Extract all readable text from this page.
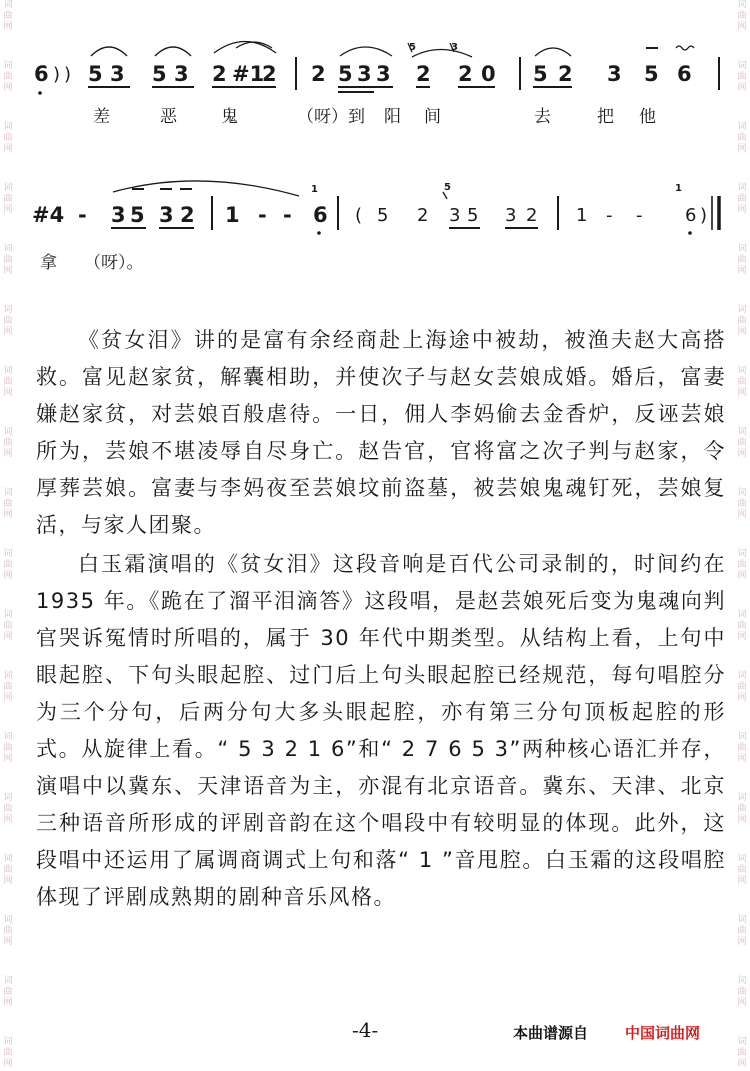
词
曲
网
词
曲
网
词
曲
网
词
曲
网
词
曲
网
词
曲
网
词
曲
网
词
曲
网
词
曲
网
词
曲
网
词
曲
网
词
曲
网
词
曲
网
词
曲
网
词
曲
网
词
曲
网
词
曲
网
词
曲
网
词
曲
网
词
曲
网
词
曲
网
词
曲
网
词
曲
网
词
曲
网
词
曲
网
词
曲
网
词
曲
网
词
曲
网
词
曲
网
词
曲
网
词
曲
网
词
曲
网
词
曲
网
词
曲
网
词
曲
网
词
曲
网
6 ) ) 5 3 5 3 2 #1
2 2 5 3 3 2 2 0
5	3
5 2 3 5 6
差	恶	鬼	（呀）到 阳 间	去	把 他
#4 - 3 5 3 2 1 - - 6
1
( 5 2 3 5 3 2
5
1 - - 6 )
1
拿 （呀）。

《贫女泪》讲的是富有余经商赴上海途中被劫，被渔夫赵大高搭救。富见赵家贫，解囊相助，并使次子与赵女芸娘成婚。婚后，富妻嫌赵家贫，对芸娘百般虐待。一日，佣人李妈偷去金香炉，反诬芸娘所为，芸娘不堪凌辱自尽身亡。赵告官，官将富之次子判与赵家，令厚葬芸娘。富妻与李妈夜至芸娘坟前盗墓，被芸娘鬼魂钉死，芸娘复活，与家人团聚。

白玉霜演唱的《贫女泪》这段音响是百代公司录制的，时间约在 1935 年。《跪在了溜平泪滴答》这段唱，是赵芸娘死后变为鬼魂向判官哭诉冤情时所唱的，属于 30 年代中期类型。从结构上看，上句中眼起腔、下句头眼起腔、过门后上句头眼起腔已经规范，每句唱腔分为三个分句，后两分句大多头眼起腔，亦有第三分句顶板起腔的形式。从旋律上看。“ 5 3 2 1 6”和“ 2 7 6 5 3”两种核心语汇并存，演唱中以冀东、天津语音为主，亦混有北京语音。冀东、天津、北京三种语音所形成的评剧音韵在这个唱段中有较明显的体现。此外，这段唱中还运用了属调商调式上句和落“ 1 ”音甩腔。白玉霜的这段唱腔体现了评剧成熟期的剧种音乐风格。

-4-	本曲谱源自 中国词曲网
